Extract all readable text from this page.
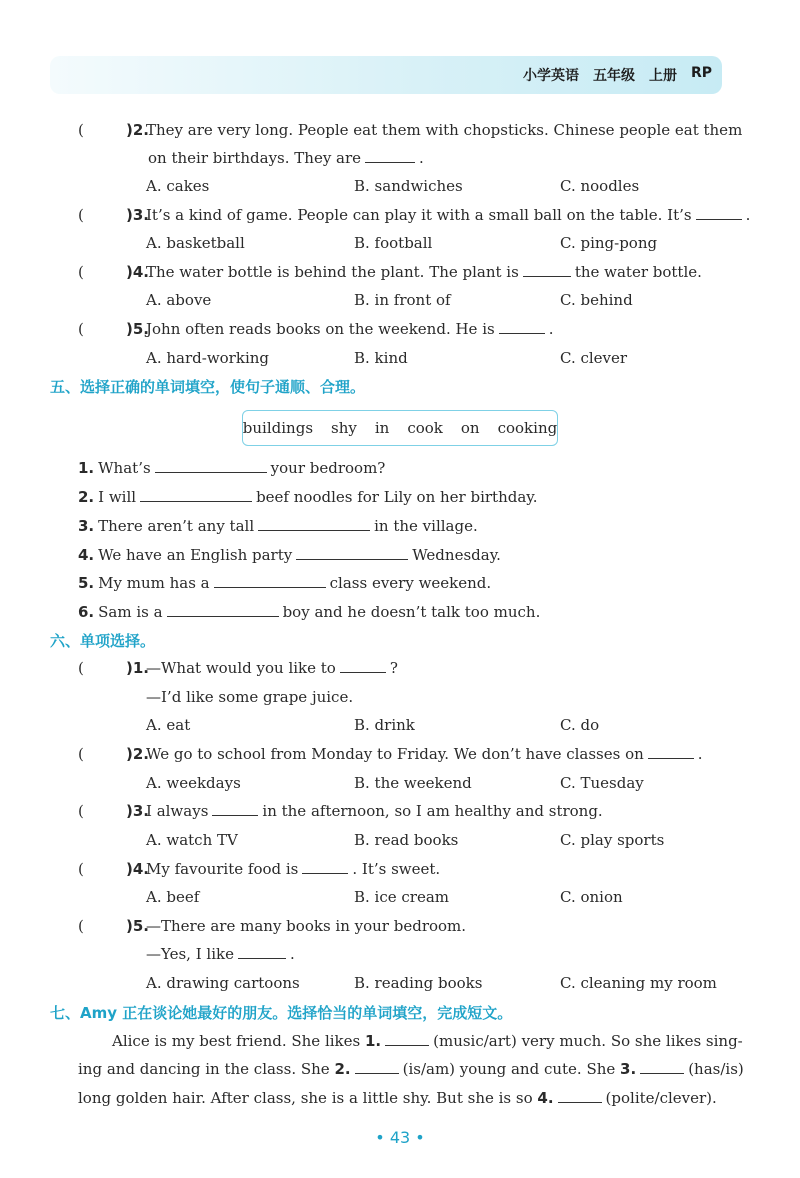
小学英语 五年级 上册 RP
(	)2.
They are very long. People eat them with chopsticks. Chinese people eat them
on their birthdays. They are	.
A. cakes	B. sandwiches	C. noodles
(	)3.
It’s a kind of game. People can play it with a small ball on the table. It’s	.
A. basketball	B. football	C. ping-pong
(	)4.
The water bottle is behind the plant. The plant is	the water bottle.
A. above	B. in front of	C. behind
(	)5.
John often reads books on the weekend. He is	.
A. hard-working	B. kind	C. clever
五、选择正确的单词填空，使句子通顺、合理。
buildings shy in cook on cooking
1. What’s	your bedroom?
2. I will	beef noodles for Lily on her birthday.
3. There aren’t any tall	in the village.
4. We have an English party	Wednesday.
5. My mum has a	class every weekend.
6. Sam is a	boy and he doesn’t talk too much.
六、单项选择。
(	)1.
—What would you like to	?
—I’d like some grape juice.
A. eat	B. drink	C. do
(	)2.
We go to school from Monday to Friday. We don’t have classes on	.
A. weekdays	B. the weekend	C. Tuesday
(	)3.
I always	in the afternoon, so I am healthy and strong.
A. watch TV	B. read books	C. play sports
(	)4.
My favourite food is	. It’s sweet.
A. beef	B. ice cream	C. onion
(	)5.
—There are many books in your bedroom.
—Yes, I like	.
A. drawing cartoons	B. reading books	C. cleaning my room
七、Amy 正在谈论她最好的朋友。选择恰当的单词填空，完成短文。
Alice is my best friend. She likes 1.	(music/art) very much. So she likes sing-
ing and dancing in the class. She 2.	(is/am) young and cute. She 3.	(has/is)
long golden hair. After class, she is a little shy. But she is so 4.	(polite/clever).
• 43 •
